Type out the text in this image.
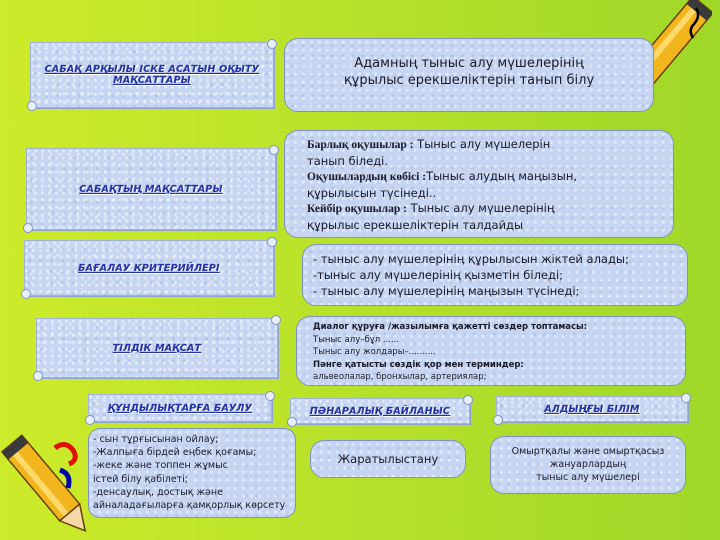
САБАҚ АРҚЫЛЫ ІСКЕ АСАТЫН ОҚЫТУ
МАҚСАТТАРЫ
Адамның тыныс алу мүшелерінің
құрылыс ерекшеліктерін танып білу
САБАҚТЫҢ МАҚСАТТАРЫ
Барлық оқушылар : Тыныс алу мүшелерін
танып біледі.
Оқушылардың көбісі :Тыныс алудың маңызын,
құрылысын түсінеді..
Кейбір оқушылар : Тыныс алу мүшелерінің
құрылыс ерекшеліктерін талдайды
БАҒАЛАУ КРИТЕРИЙЛЕРІ
- тыныс алу мүшелерінің құрылысын жіктей алады;
-тыныс алу мүшелерінің қызметін біледі;
- тыныс алу мүшелерінің маңызын түсінеді;
ТІЛДІК МАҚСАТ
Диалог құруға /жазылымға қажетті сөздер топтамасы:
Тыныс алу–бұл ......
Тыныс алу жолдары–..........
Пәнге қатысты сөздік қор мен терминдер:
альвеолалар, бронхылар, артериялар;
ҚҰНДЫЛЫҚТАРҒА БАУЛУ	ПӘНАРАЛЫҚ БАЙЛАНЫС	АЛДЫҢҒЫ БІЛІМ
- сын тұрғысынан ойлау;
-Жалпыға бірдей еңбек қоғамы;
-жеке және топпен жұмыс
істей білу қабілеті;
-денсаулық, достық және
айналадағыларға қамқорлық көрсету
Жаратылыстану
Омыртқалы және омыртқасыз
жануарлардың
тыныс алу мүшелері
